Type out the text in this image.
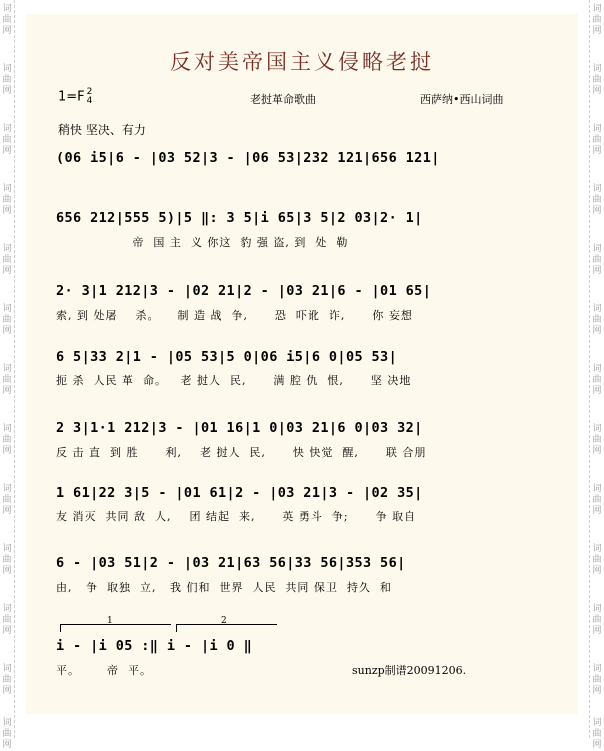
词曲网
词曲网
词曲网
词曲网
词曲网
词曲网
词曲网
词曲网
词曲网
词曲网
词曲网
词曲网
词曲网
词曲网
词曲网
词曲网
词曲网
词曲网
词曲网
词曲网
词曲网
词曲网
词曲网
词曲网
词曲网
词曲网
反对美帝国主义侵略老挝
1=F 2
4	老挝革命歌曲	西萨纳•西山词曲
稍快 坚决、有力
(06 i5|6 - |03 52|3 - |06 53|232 121|656 121|
656 212|555 5)|5 ‖: 3 5|i 65|3 5|2 03|2· 1|
帝  国 主  义 你这  豹 强 盗, 到  处  勒
2· 3|1 212|3 - |02 21|2 - |03 21|6 - |01 65|
索, 到 处屠    杀。    制 造 战  争,      恐  吓讹  诈,      你 妄想
6 5|33 2|1 - |05 53|5 0|06 i5|6 0|05 53|
扼 杀  人民 革  命。   老 挝人  民,      满 腔 仇  恨,      坚 决地
2 3|1·1 212|3 - |01 16|1 0|03 21|6 0|03 32|
反 击 直  到 胜      利,    老 挝人  民,      快 快觉  醒,      联 合朋
1 61|22 3|5 - |01 61|2 - |03 21|3 - |02 35|
友 消灭  共同 敌  人,    团 结起  来,      英 勇斗  争;      争 取自
6 - |03 51|2 - |03 21|63 56|33 56|353 56|
由,   争  取独  立,   我 们和  世界  人民  共同 保卫  持久  和
1	2
i - |i 05 :‖ i - |i 0 ‖
平。      帝  平。	sunzp制谱20091206.
